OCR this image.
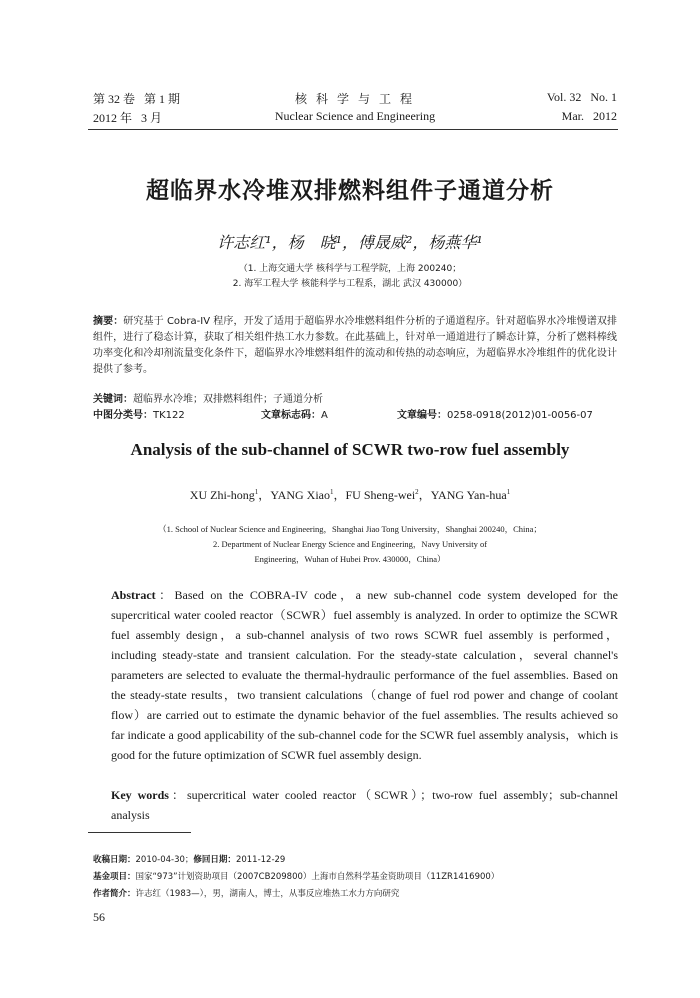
第 32 卷   第 1 期	核 科 学 与 工 程	Vol. 32   No. 1
2012 年   3 月	Nuclear Science and Engineering	Mar.   2012
超临界水冷堆双排燃料组件子通道分析
许志红¹，杨　晓¹，傅晟威²，杨燕华¹
（1. 上海交通大学 核科学与工程学院，上海 200240；
2. 海军工程大学 核能科学与工程系，湖北 武汉 430000）
摘要：研究基于 Cobra-IV 程序，开发了适用于超临界水冷堆燃料组件分析的子通道程序。针对超临界水冷堆慢谱双排组件，进行了稳态计算，获取了相关组件热工水力参数。在此基础上，针对单一通道进行了瞬态计算，分析了燃料棒线功率变化和冷却剂流量变化条件下，超临界水冷堆燃料组件的流动和传热的动态响应，为超临界水冷堆组件的优化设计提供了参考。
关键词：超临界水冷堆；双排燃料组件；子通道分析
中图分类号：TK122	文章标志码：A	文章编号：0258-0918(2012)01-0056-07
Analysis of the sub-channel of SCWR two-row fuel assembly
XU Zhi-hong$^1$，YANG Xiao$^1$，FU Sheng-wei$^2$，YANG Yan-hua$^1$
（1. School of Nuclear Science and Engineering，Shanghai Jiao Tong University，Shanghai 200240，China；
2. Department of Nuclear Energy Science and Engineering，Navy University of
Engineering，Wuhan of Hubei Prov. 430000，China）
Abstract：Based on the COBRA-IV code，a new sub-channel code system developed for the supercritical water cooled reactor（SCWR）fuel assembly is analyzed. In order to optimize the SCWR fuel assembly design，a sub-channel analysis of two rows SCWR fuel assembly is performed，including steady-state and transient calculation. For the steady-state calculation，several channel's parameters are selected to evaluate the thermal-hydraulic performance of the fuel assemblies. Based on the steady-state results，two transient calculations（change of fuel rod power and change of coolant flow）are carried out to estimate the dynamic behavior of the fuel assemblies. The results achieved so far indicate a good applicability of the sub-channel code for the SCWR fuel assembly analysis，which is good for the future optimization of SCWR fuel assembly design.
Key words：supercritical water cooled reactor（SCWR）；two-row fuel assembly；sub-channel analysis
收稿日期：2010-04-30；修回日期：2011-12-29
基金项目：国家“973”计划资助项目（2007CB209800）上海市自然科学基金资助项目（11ZR1416900）
作者简介：许志红（1983—），男，湖南人，博士，从事反应堆热工水力方向研究
56
